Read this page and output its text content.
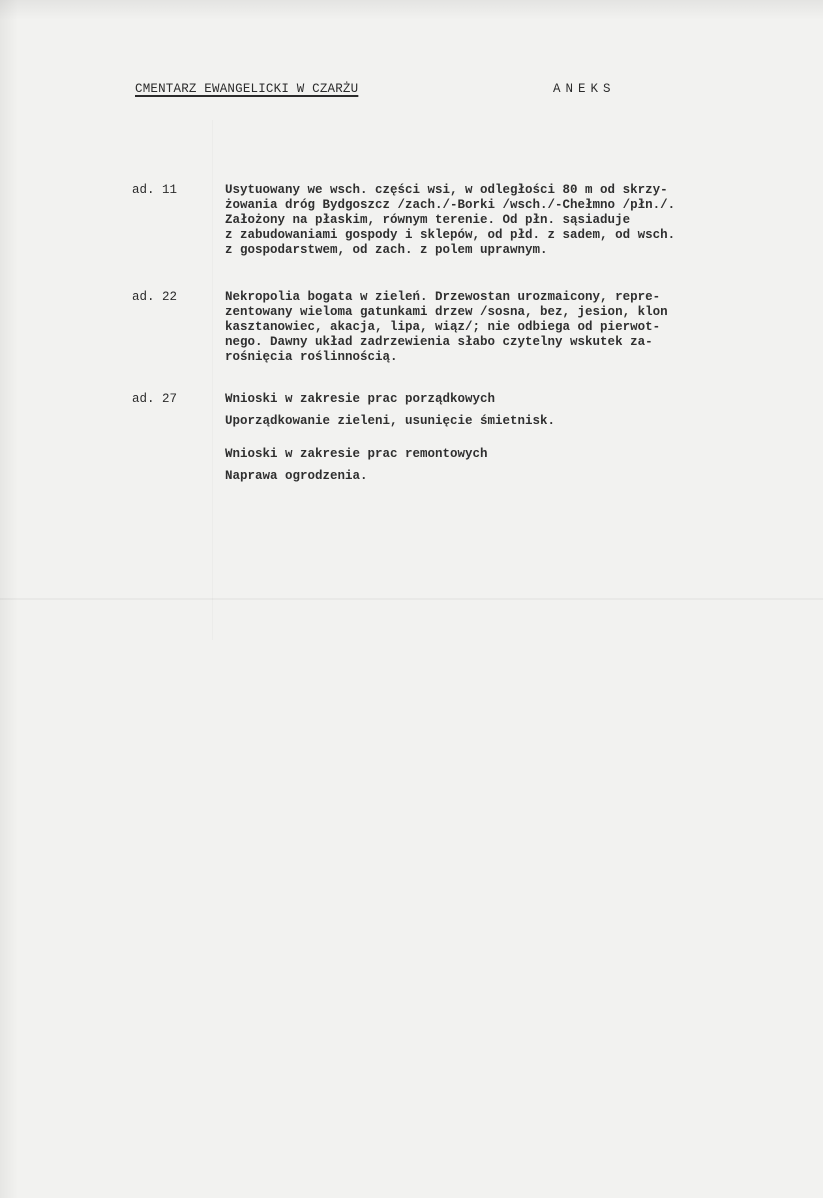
CMENTARZ EWANGELICKI W CZARŻU	ANEKS
ad. 11	Usytuowany we wsch. części wsi, w odległości 80 m od skrzy-
żowania dróg Bydgoszcz /zach./-Borki /wsch./-Chełmno /płn./.
Założony na płaskim, równym terenie. Od płn. sąsiaduje
z zabudowaniami gospody i sklepów, od płd. z sadem, od wsch.
z gospodarstwem, od zach. z polem uprawnym.
ad. 22	Nekropolia bogata w zieleń. Drzewostan urozmaicony, repre-
zentowany wieloma gatunkami drzew /sosna, bez, jesion, klon
kasztanowiec, akacja, lipa, wiąz/; nie odbiega od pierwot-
nego. Dawny układ zadrzewienia słabo czytelny wskutek za-
rośnięcia roślinnością.
ad. 27	Wnioski w zakresie prac porządkowych
Uporządkowanie zieleni, usunięcie śmietnisk.
Wnioski w zakresie prac remontowych
Naprawa ogrodzenia.
